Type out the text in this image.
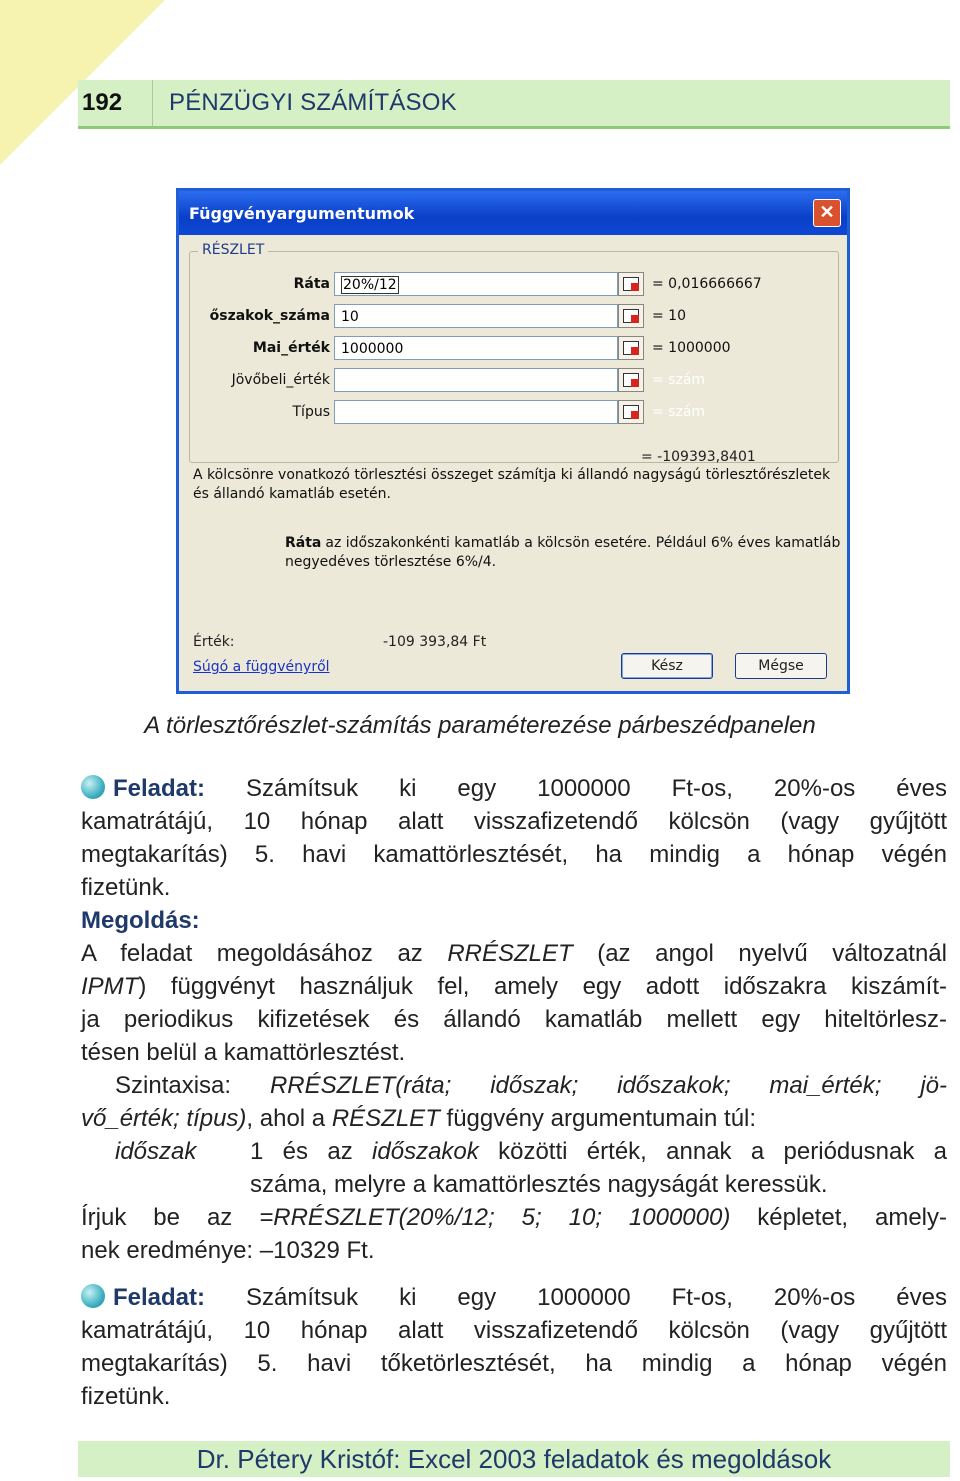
192	PÉNZÜGYI SZÁMÍTÁSOK
Függvényargumentumok	✕
RÉSZLET
Ráta 20%/12	= 0,016666667
őszakok_száma 10	= 10
Mai_érték 1000000	= 1000000
Jövőbeli_érték	= szám
Típus	= szám
= -109393,8401
A kölcsönre vonatkozó törlesztési összeget számítja ki állandó nagyságú törlesztőrészletek és állandó kamatláb esetén.
Ráta az időszakonkénti kamatláb a kölcsön esetére. Például 6% éves kamatláb negyedéves törlesztése 6%/4.
Érték:	-109 393,84 Ft
Súgó a függvényről	Kész	Mégse
A törlesztőrészlet-számítás paraméterezése párbeszédpanelen
Feladat: Számítsuk ki egy 1000000 Ft-os, 20%-os éves
kamatrátájú, 10 hónap alatt visszafizetendő kölcsön (vagy gyűjtött
megtakarítás) 5. havi kamattörlesztését, ha mindig a hónap végén
fizetünk.
Megoldás:
A feladat megoldásához az RRÉSZLET (az angol nyelvű változatnál
IPMT) függvényt használjuk fel, amely egy adott időszakra kiszámít-
ja periodikus kifizetések és állandó kamatláb mellett egy hiteltörlesz-
tésen belül a kamattörlesztést.
Szintaxisa: RRÉSZLET(ráta; időszak; időszakok; mai_érték; jö-
vő_érték; típus), ahol a RÉSZLET függvény argumentumain túl:
időszak	1 és az időszakok közötti érték, annak a periódusnak a
száma, melyre a kamattörlesztés nagyságát keressük.
Írjuk be az =RRÉSZLET(20%/12; 5; 10; 1000000) képletet, amely-
nek eredménye: –10329 Ft.
Feladat: Számítsuk ki egy 1000000 Ft-os, 20%-os éves
kamatrátájú, 10 hónap alatt visszafizetendő kölcsön (vagy gyűjtött
megtakarítás) 5. havi tőketörlesztését, ha mindig a hónap végén
fizetünk.
Dr. Pétery Kristóf: Excel 2003 feladatok és megoldások
